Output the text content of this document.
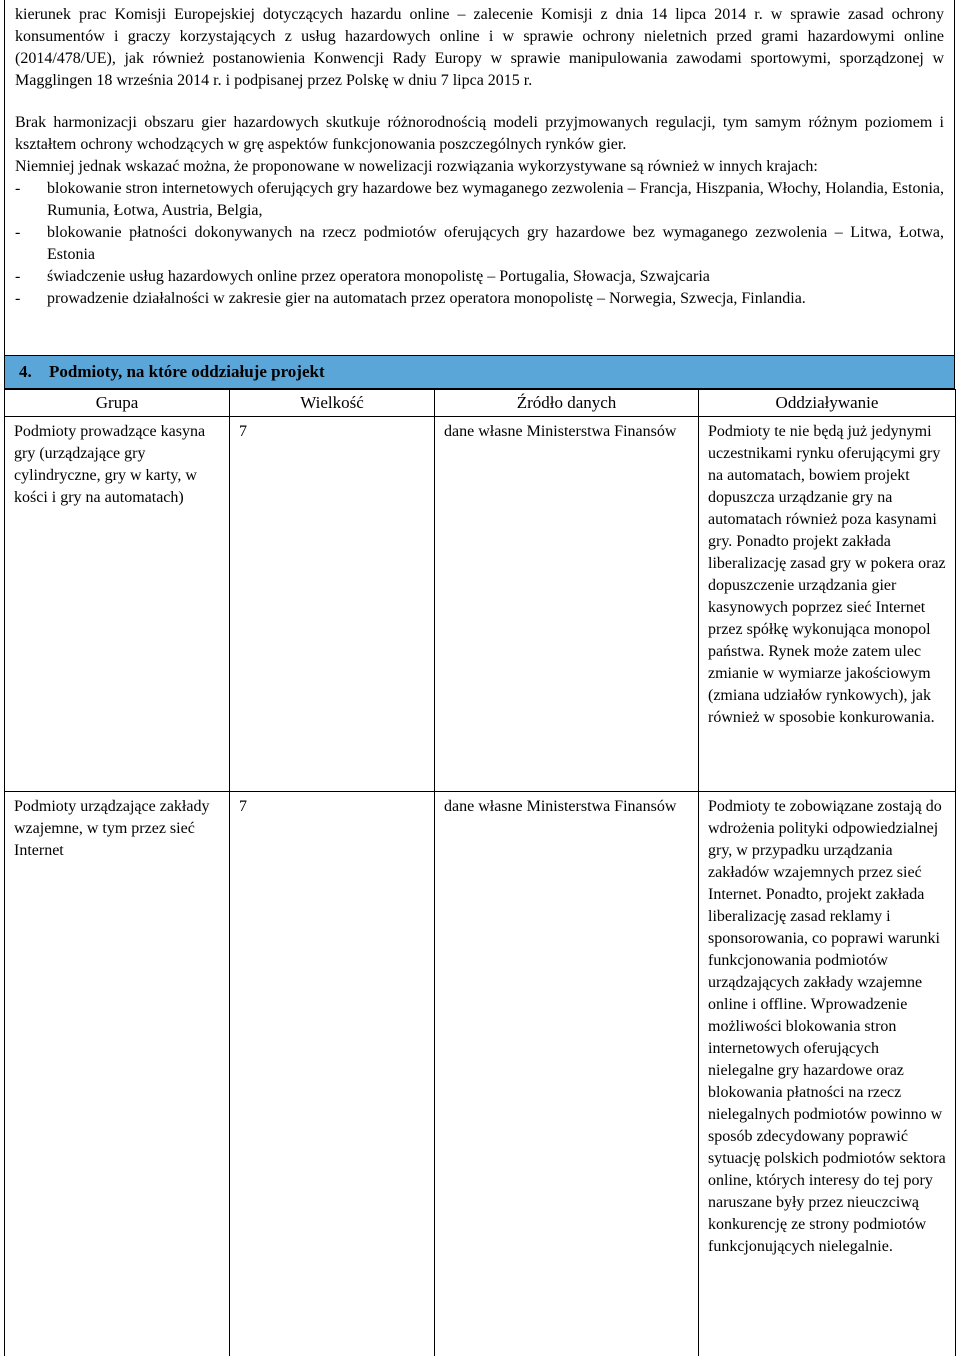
kierunek prac Komisji Europejskiej dotyczących hazardu online – zalecenie Komisji z dnia 14 lipca 2014 r. w sprawie zasad ochrony konsumentów i graczy korzystających z usług hazardowych online i w sprawie ochrony nieletnich przed grami hazardowymi online (2014/478/UE), jak również postanowienia Konwencji Rady Europy w sprawie manipulowania zawodami sportowymi, sporządzonej w Magglingen 18 września 2014 r. i podpisanej przez Polskę w dniu 7 lipca 2015 r.

Brak harmonizacji obszaru gier hazardowych skutkuje różnorodnością modeli przyjmowanych regulacji, tym samym różnym poziomem i kształtem ochrony wchodzących w grę aspektów funkcjonowania poszczególnych rynków gier.

Niemniej jednak wskazać można, że proponowane w nowelizacji rozwiązania wykorzystywane są również w innych krajach:

-	blokowanie stron internetowych oferujących gry hazardowe bez wymaganego zezwolenia – Francja, Hiszpania, Włochy, Holandia, Estonia, Rumunia, Łotwa, Austria, Belgia,
-	blokowanie płatności dokonywanych na rzecz podmiotów oferujących gry hazardowe bez wymaganego zezwolenia – Litwa, Łotwa, Estonia
-	świadczenie usług hazardowych online przez operatora monopolistę – Portugalia, Słowacja, Szwajcaria
-	prowadzenie działalności w zakresie gier na automatach przez operatora monopolistę – Norwegia, Szwecja, Finlandia.
4.	Podmioty, na które oddziałuje projekt
Grupa	Wielkość	Źródło danych	Oddziaływanie
Podmioty prowadzące kasyna gry (urządzające gry cylindryczne, gry w karty, w kości i gry na automatach)	7	dane własne Ministerstwa Finansów	Podmioty te nie będą już jedynymi uczestnikami rynku oferującymi gry na automatach, bowiem projekt dopuszcza urządzanie gry na automatach również poza kasynami gry. Ponadto projekt zakłada liberalizację zasad gry w pokera oraz dopuszczenie urządzania gier kasynowych poprzez sieć Internet przez spółkę wykonująca monopol państwa. Rynek może zatem ulec zmianie w wymiarze jakościowym (zmiana udziałów rynkowych), jak również w sposobie konkurowania.
Podmioty urządzające zakłady wzajemne, w tym przez sieć Internet	7	dane własne Ministerstwa Finansów	Podmioty te zobowiązane zostają do wdrożenia polityki odpowiedzialnej gry, w przypadku urządzania zakładów wzajemnych przez sieć Internet. Ponadto, projekt zakłada liberalizację zasad reklamy i sponsorowania, co poprawi warunki funkcjonowania podmiotów urządzających zakłady wzajemne online i offline. Wprowadzenie możliwości blokowania stron internetowych oferujących nielegalne gry hazardowe oraz blokowania płatności na rzecz nielegalnych podmiotów powinno w sposób zdecydowany poprawić sytuację polskich podmiotów sektora online, których interesy do tej pory naruszane były przez nieuczciwą konkurencję ze strony podmiotów funkcjonujących nielegalnie.
